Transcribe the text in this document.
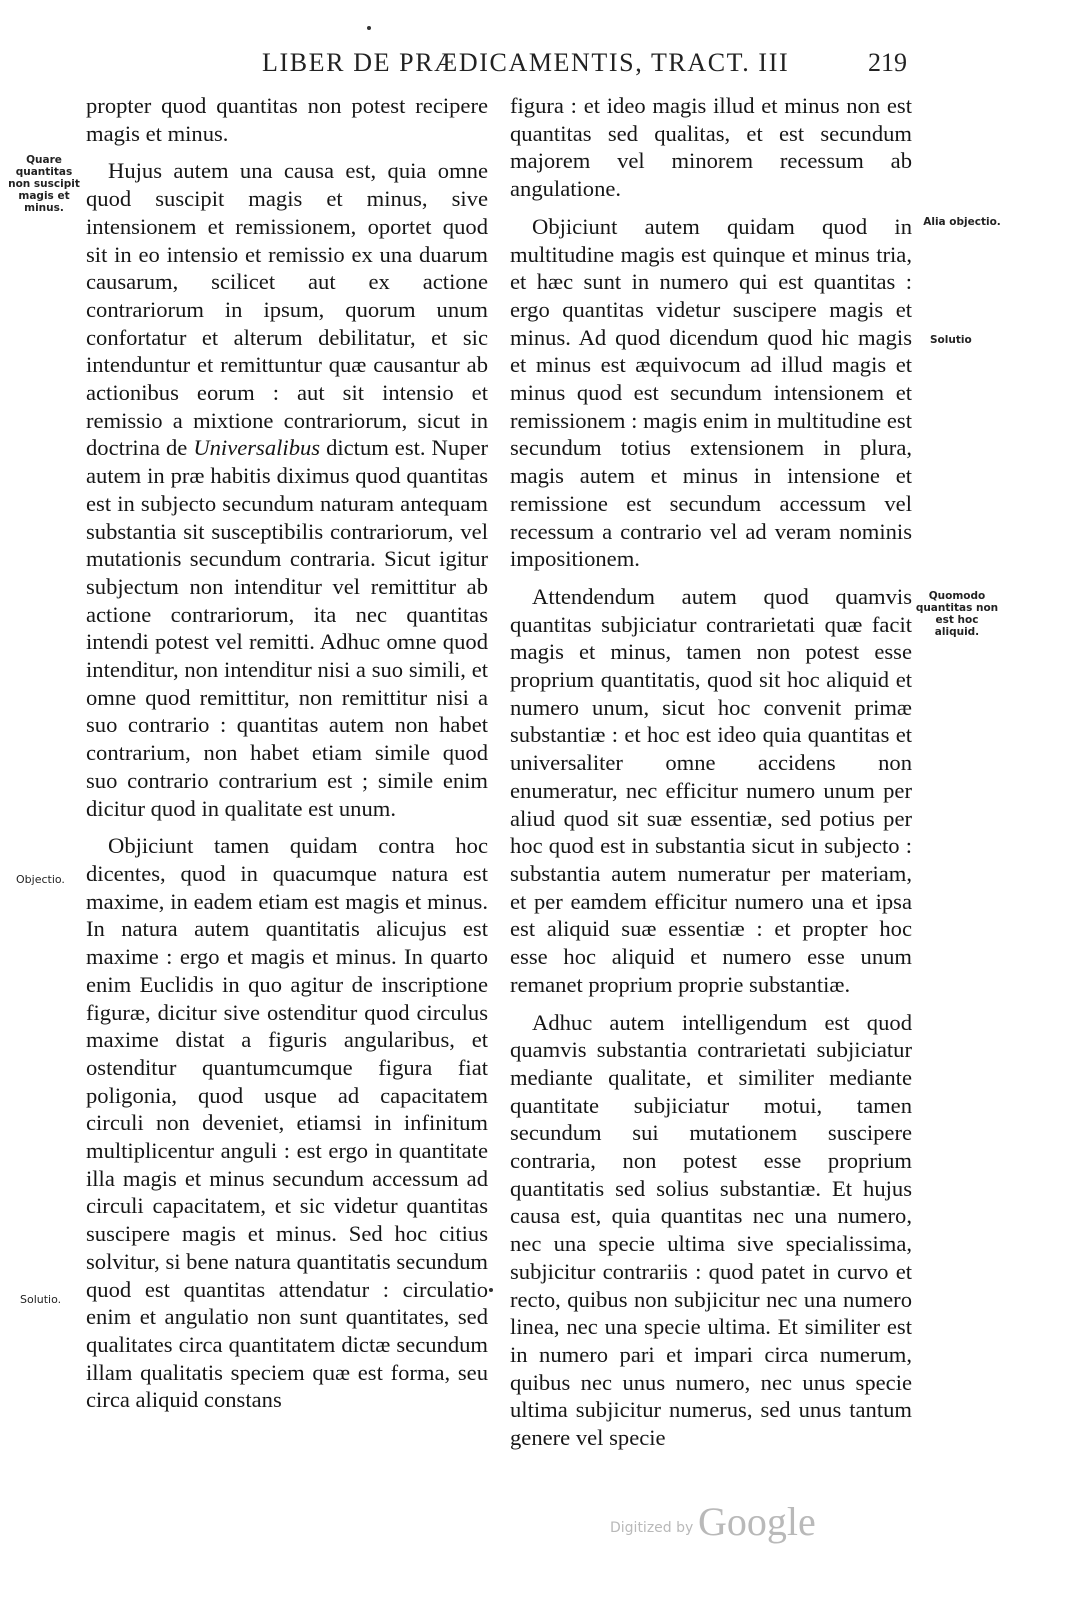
LIBER DE PRÆDICAMENTIS, TRACT. III	219

propter quod quantitas non potest recipere magis et minus.

Hujus autem una causa est, quia omne quod suscipit magis et minus, sive intensionem et remissionem, oportet quod sit in eo intensio et remissio ex una duarum causarum, scilicet aut ex actione contrariorum in ipsum, quorum unum confortatur et alterum debilitatur, et sic intenduntur et remittuntur quæ causantur ab actionibus eorum : aut sit intensio et remissio a mixtione contrariorum, sicut in doctrina de Universalibus dictum est. Nuper autem in præ habitis diximus quod quantitas est in subjecto secundum naturam antequam substantia sit susceptibilis contrariorum, vel mutationis secundum contraria. Sicut igitur subjectum non intenditur vel remittitur ab actione contrariorum, ita nec quantitas intendi potest vel remitti. Adhuc omne quod intenditur, non intenditur nisi a suo simili, et omne quod remittitur, non remittitur nisi a suo contrario : quantitas autem non habet contrarium, non habet etiam simile quod suo contrario contrarium est ; simile enim dicitur quod in qualitate est unum.

Objiciunt tamen quidam contra hoc dicentes, quod in quacumque natura est maxime, in eadem etiam est magis et minus. In natura autem quantitatis alicujus est maxime : ergo et magis et minus. In quarto enim Euclidis in quo agitur de inscriptione figuræ, dicitur sive ostenditur quod circulus maxime distat a figuris angularibus, et ostenditur quantumcumque figura fiat poligonia, quod usque ad capacitatem circuli non deveniet, etiamsi in infinitum multiplicentur anguli : est ergo in quantitate illa magis et minus secundum accessum ad circuli capacitatem, et sic videtur quantitas suscipere magis et minus. Sed hoc citius solvitur, si bene natura quantitatis secundum quod est quantitas attendatur : circulatio enim et angulatio non sunt quantitates, sed qualitates circa quantitatem dictæ secundum illam qualitatis speciem quæ est forma, seu circa aliquid constans

figura : et ideo magis illud et minus non est quantitas sed qualitas, et est secundum majorem vel minorem recessum ab angulatione.

Objiciunt autem quidam quod in multitudine magis est quinque et minus tria, et hæc sunt in numero qui est quantitas : ergo quantitas videtur suscipere magis et minus. Ad quod dicendum quod hic magis et minus est æquivocum ad illud magis et minus quod est secundum intensionem et remissionem : magis enim in multitudine est secundum totius extensionem in plura, magis autem et minus in intensione et remissione est secundum accessum vel recessum a contrario vel ad veram nominis impositionem.

Attendendum autem quod quamvis quantitas subjiciatur contrarietati quæ facit magis et minus, tamen non potest esse proprium quantitatis, quod sit hoc aliquid et numero unum, sicut hoc convenit primæ substantiæ : et hoc est ideo quia quantitas et universaliter omne accidens non enumeratur, nec efficitur numero unum per aliud quod sit suæ essentiæ, sed potius per hoc quod est in substantia sicut in subjecto : substantia autem numeratur per materiam, et per eamdem efficitur numero una et ipsa est aliquid suæ essentiæ : et propter hoc esse hoc aliquid et numero esse unum remanet proprium proprie substantiæ.

Adhuc autem intelligendum est quod quamvis substantia contrarietati subjiciatur mediante qualitate, et similiter mediante quantitate subjiciatur motui, tamen secundum sui mutationem suscipere contraria, non potest esse proprium quantitatis sed solius substantiæ. Et hujus causa est, quia quantitas nec una numero, nec una specie ultima sive specialissima, subjicitur contrariis : quod patet in curvo et recto, quibus non subjicitur nec una numero linea, nec una specie ultima. Et similiter est in numero pari et impari circa numerum, quibus nec unus numero, nec unus specie ultima subjicitur numerus, sed unus tantum genere vel specie

Quare quantitas non suscipit magis et minus.
Objectio.
Solutio.
Alia objectio.
Solutio
Quomodo quantitas non est hoc aliquid.
Digitized by Google
